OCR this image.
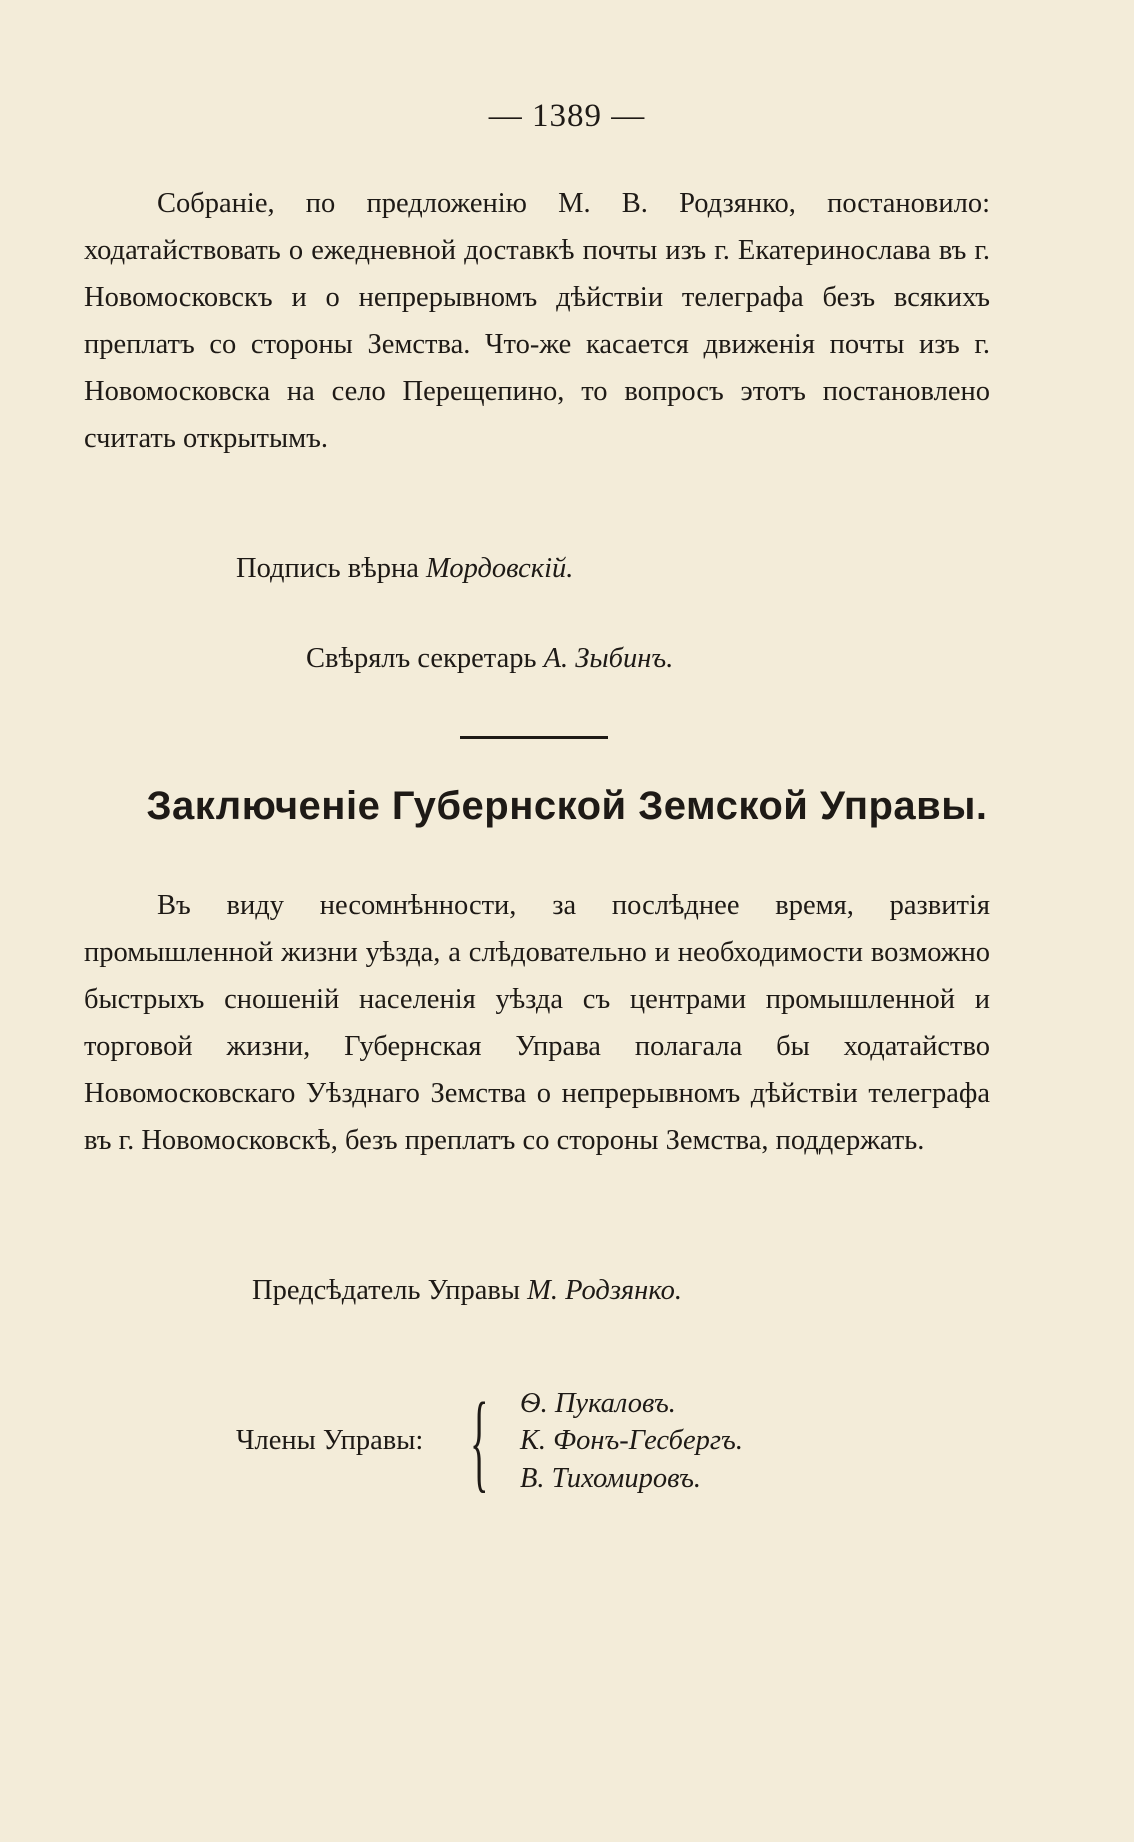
— 1389 —

Собраніе, по предложенію М. В. Родзянко, постановило: ходатайствовать о ежедневной доставкѣ почты изъ г. Екатеринослава въ г. Новомосковскъ и о непрерывномъ дѣйствіи телеграфа безъ всякихъ преплатъ со стороны Земства. Что-же касается движенія почты изъ г. Новомосковска на село Перещепино, то вопросъ этотъ постановлено считать открытымъ.

Подпись вѣрна Мордовскій.
Свѣрялъ секретарь А. Зыбинъ.
Заключеніе Губернской Земской Управы.

Въ виду несомнѣнности, за послѣднее время, развитія промышленной жизни уѣзда, а слѣдовательно и необходимости возможно быстрыхъ сношеній населенія уѣзда съ центрами промышленной и торговой жизни, Губернская Управа полагала бы ходатайство Новомосковскаго Уѣзднаго Земства о непрерывномъ дѣйствіи телеграфа въ г. Новомосковскѣ, безъ преплатъ со стороны Земства, поддержать.

Предсѣдатель Управы М. Родзянко.
Члены Управы: { Ѳ. Пукаловъ.
К. Фонъ-Гесбергъ.
В. Тихомировъ.
